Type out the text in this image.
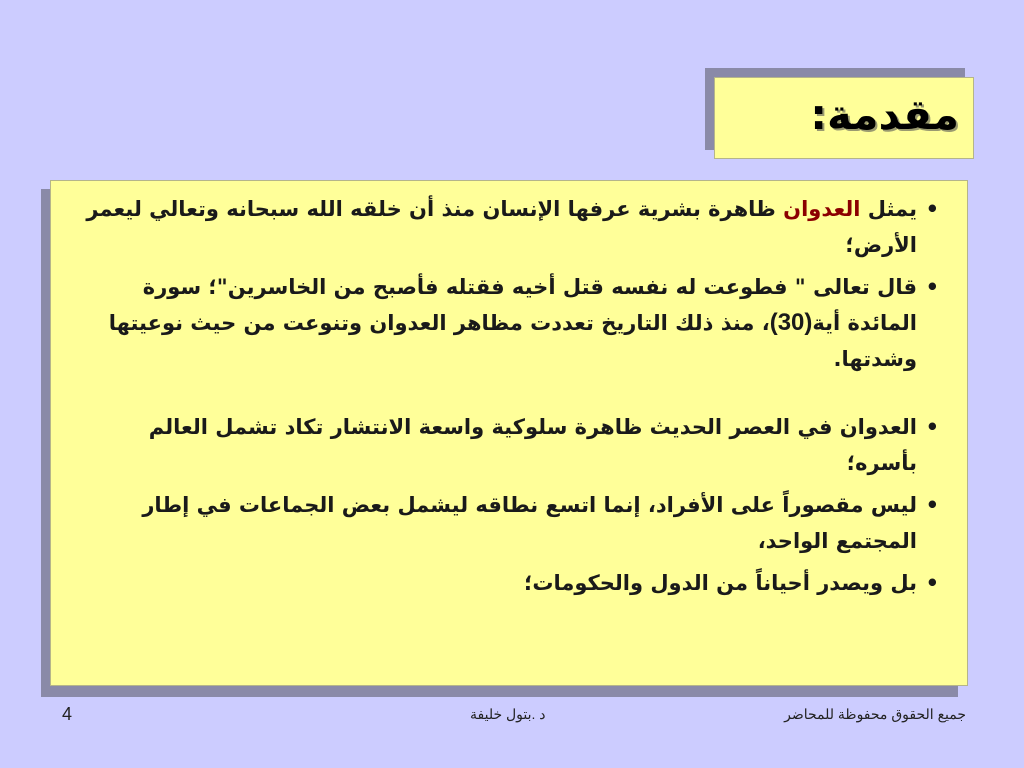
مقدمة:
• يمثل العدوان ظاهرة بشرية عرفها الإنسان منذ أن خلقه الله سبحانه وتعالي ليعمر الأرض؛
• قال تعالى " فطوعت له نفسه قتل أخيه فقتله فأصبح من الخاسرين"؛ سورة المائدة أية(30)، منذ ذلك التاريخ تعددت مظاهر العدوان وتنوعت من حيث نوعيتها وشدتها.
• العدوان في العصر الحديث ظاهرة سلوكية واسعة الانتشار تكاد تشمل العالم بأسره؛
• ليس مقصوراً على الأفراد، إنما اتسع نطاقه ليشمل بعض الجماعات في إطار المجتمع الواحد،
• بل ويصدر أحياناً من الدول والحكومات؛
4	د .بتول خليفة	جميع الحقوق محفوظة للمحاضر
